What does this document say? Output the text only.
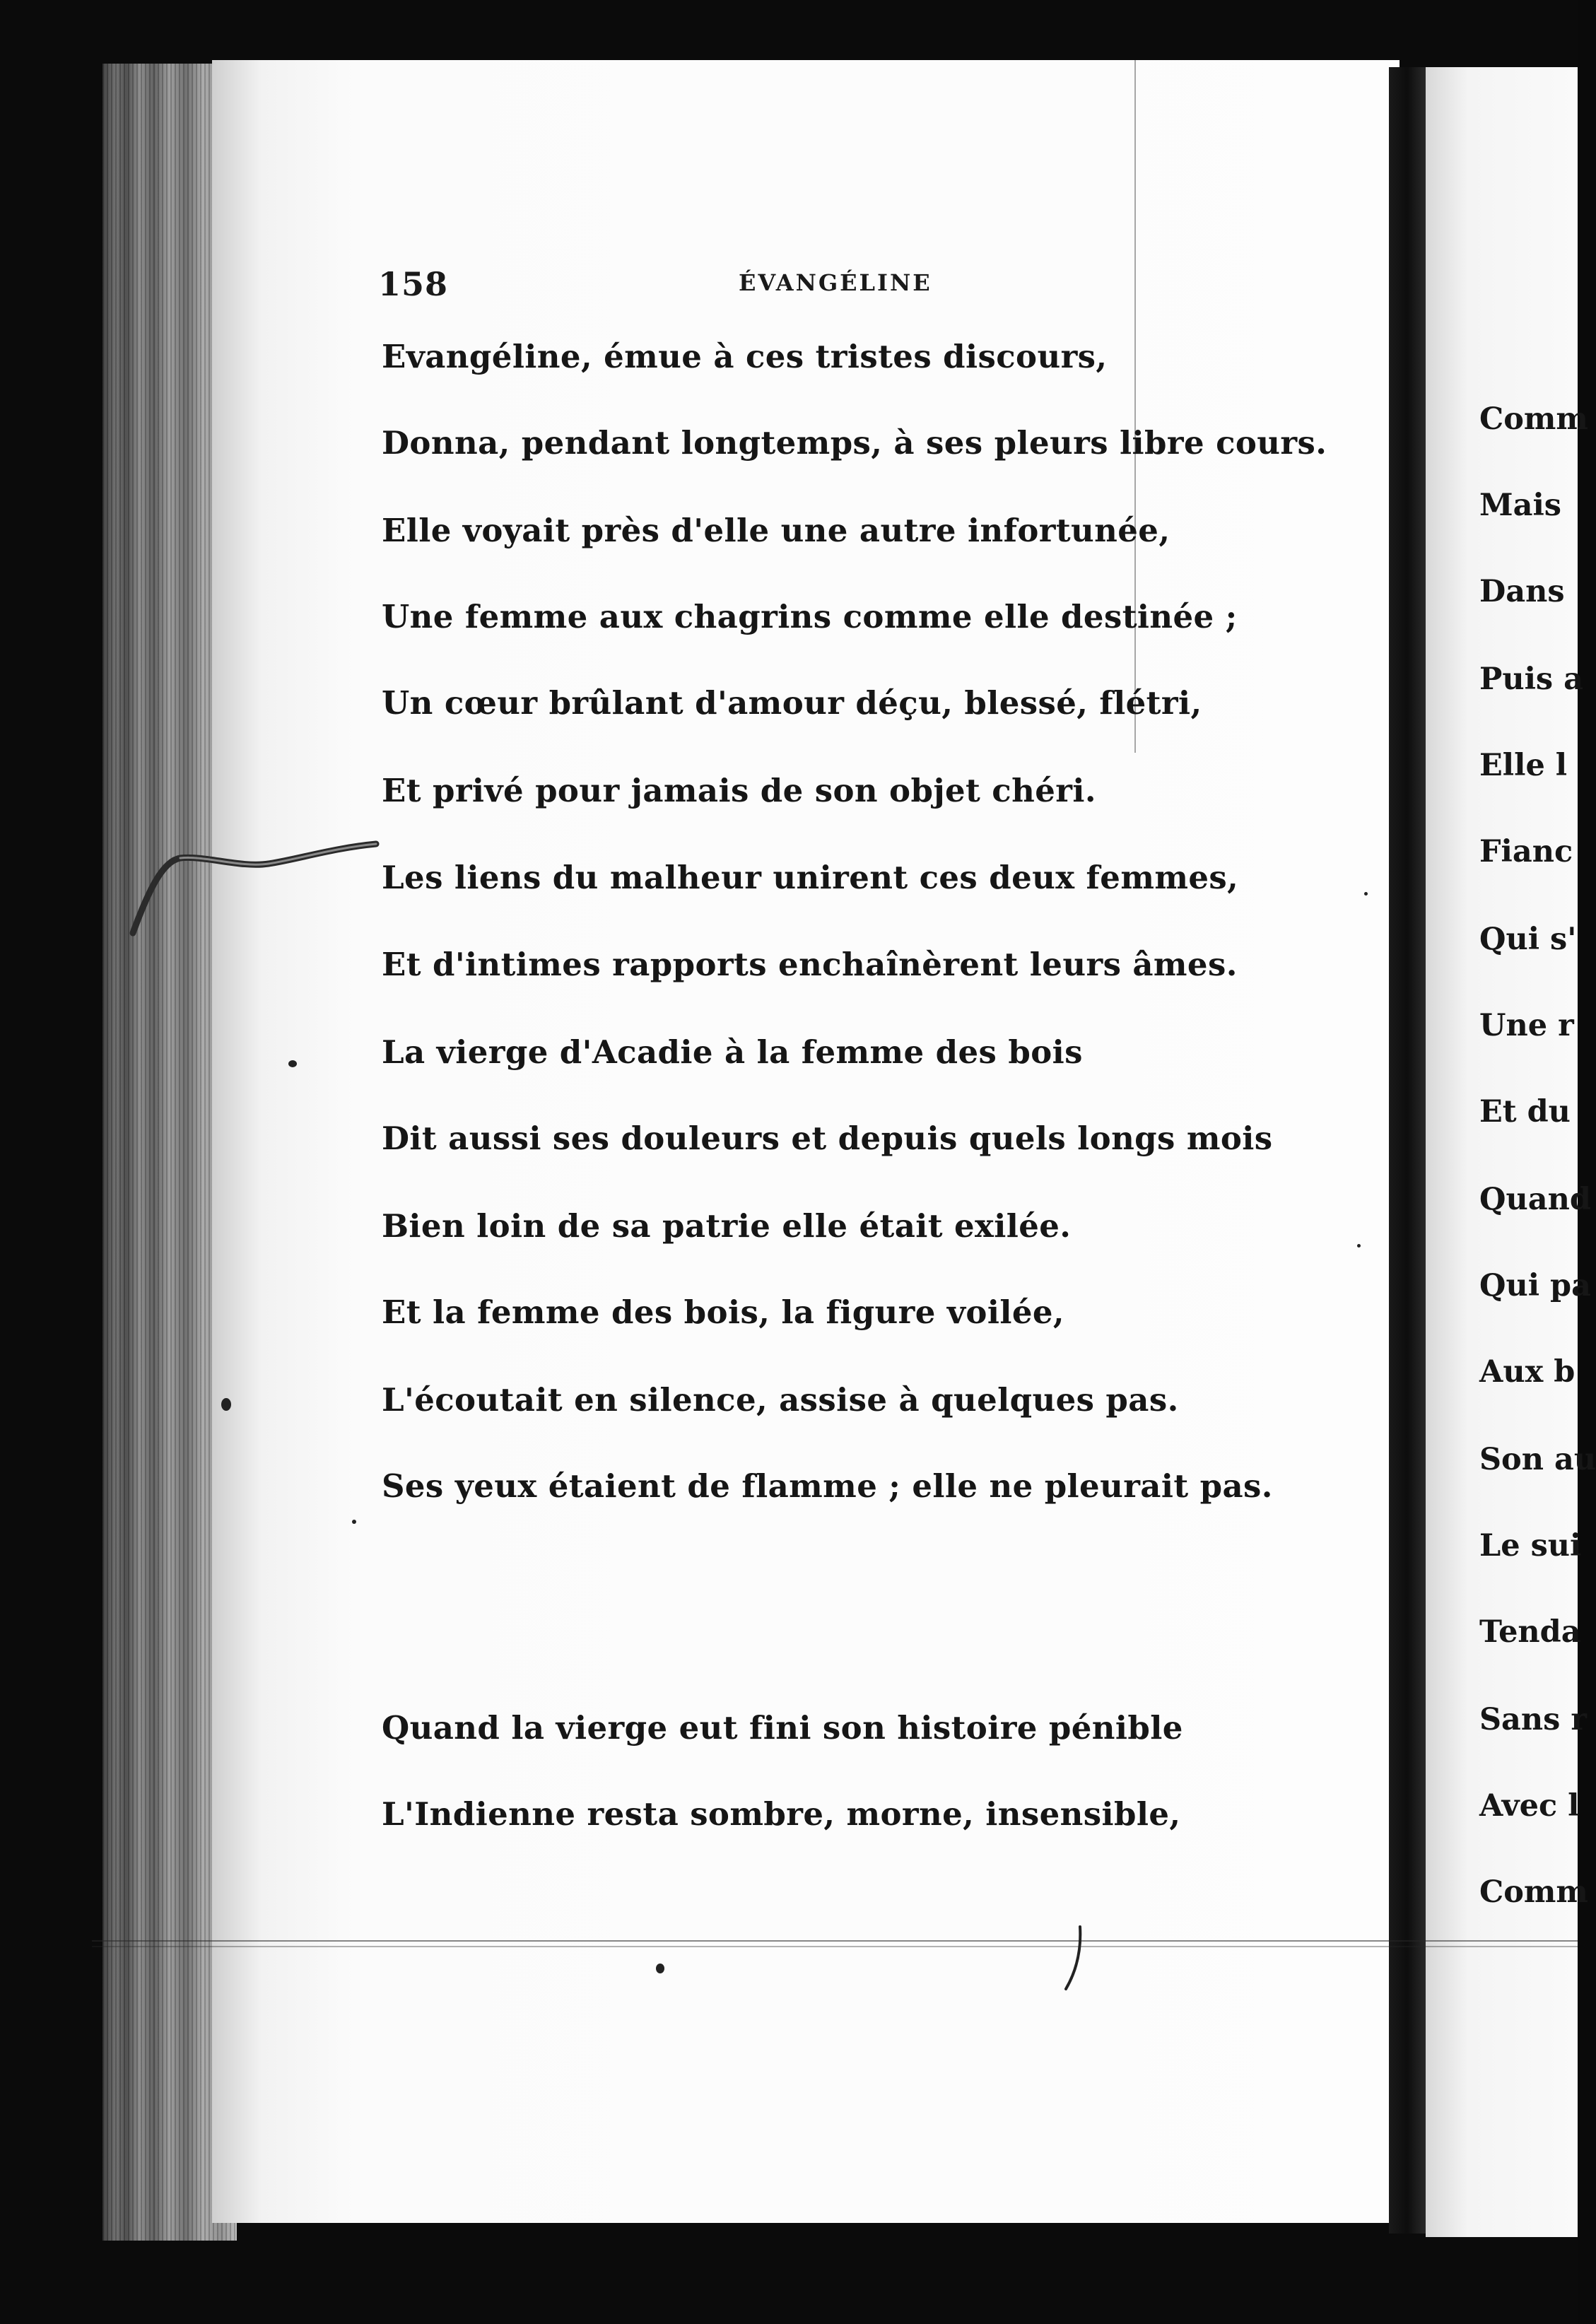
158	ÉVANGÉLINE
Evangéline, émue à ces tristes discours,
Donna, pendant longtemps, à ses pleurs libre cours.
Elle voyait près d'elle une autre infortunée,
Une femme aux chagrins comme elle destinée ;
Un cœur brûlant d'amour déçu, blessé, flétri,
Et privé pour jamais de son objet chéri.
Les liens du malheur unirent ces deux femmes,
Et d'intimes rapports enchaînèrent leurs âmes.
La vierge d'Acadie à la femme des bois
Dit aussi ses douleurs et depuis quels longs mois
Bien loin de sa patrie elle était exilée.
Et la femme des bois, la figure voilée,
L'écoutait en silence, assise à quelques pas.
Ses yeux étaient de flamme ; elle ne pleurait pas.
Quand la vierge eut fini son histoire pénible
L'Indienne resta sombre, morne, insensible,
Comm
Mais
Dans
Puis a
Elle l
Fianc
Qui s'
Une r
Et du
Quand
Qui pa
Aux b
Son au
Le sui
Tenda
Sans r
Avec l
Comm
